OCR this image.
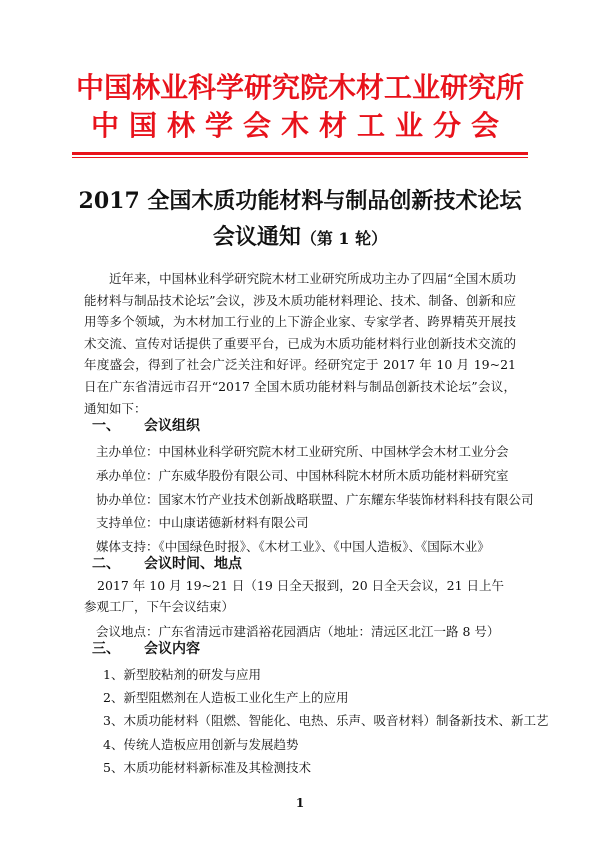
中国林业科学研究院木材工业研究所
中国林学会木材工业分会
2017 全国木质功能材料与制品创新技术论坛
会议通知（第 1 轮）
近年来，中国林业科学研究院木材工业研究所成功主办了四届“全国木质功能材料与制品技术论坛”会议，涉及木质功能材料理论、技术、制备、创新和应用等多个领域，为木材加工行业的上下游企业家、专家学者、跨界精英开展技术交流、宣传对话提供了重要平台，已成为木质功能材料行业创新技术交流的年度盛会，得到了社会广泛关注和好评。经研究定于 2017 年 10 月 19~21 日在广东省清远市召开“2017 全国木质功能材料与制品创新技术论坛”会议，通知如下：
一、 会议组织
主办单位：中国林业科学研究院木材工业研究所、中国林学会木材工业分会
承办单位：广东威华股份有限公司、中国林科院木材所木质功能材料研究室
协办单位：国家木竹产业技术创新战略联盟、广东耀东华装饰材料科技有限公司
支持单位：中山康诺德新材料有限公司
媒体支持：《中国绿色时报》、《木材工业》、《中国人造板》、《国际木业》
二、 会议时间、地点
2017 年 10 月 19~21 日（19 日全天报到，20 日全天会议，21 日上午参观工厂，下午会议结束）
会议地点：广东省清远市建滔裕花园酒店（地址：清远区北江一路 8 号）
三、 会议内容
1、新型胶粘剂的研发与应用
2、新型阻燃剂在人造板工业化生产上的应用
3、木质功能材料（阻燃、智能化、电热、乐声、吸音材料）制备新技术、新工艺
4、传统人造板应用创新与发展趋势
5、木质功能材料新标准及其检测技术
1
